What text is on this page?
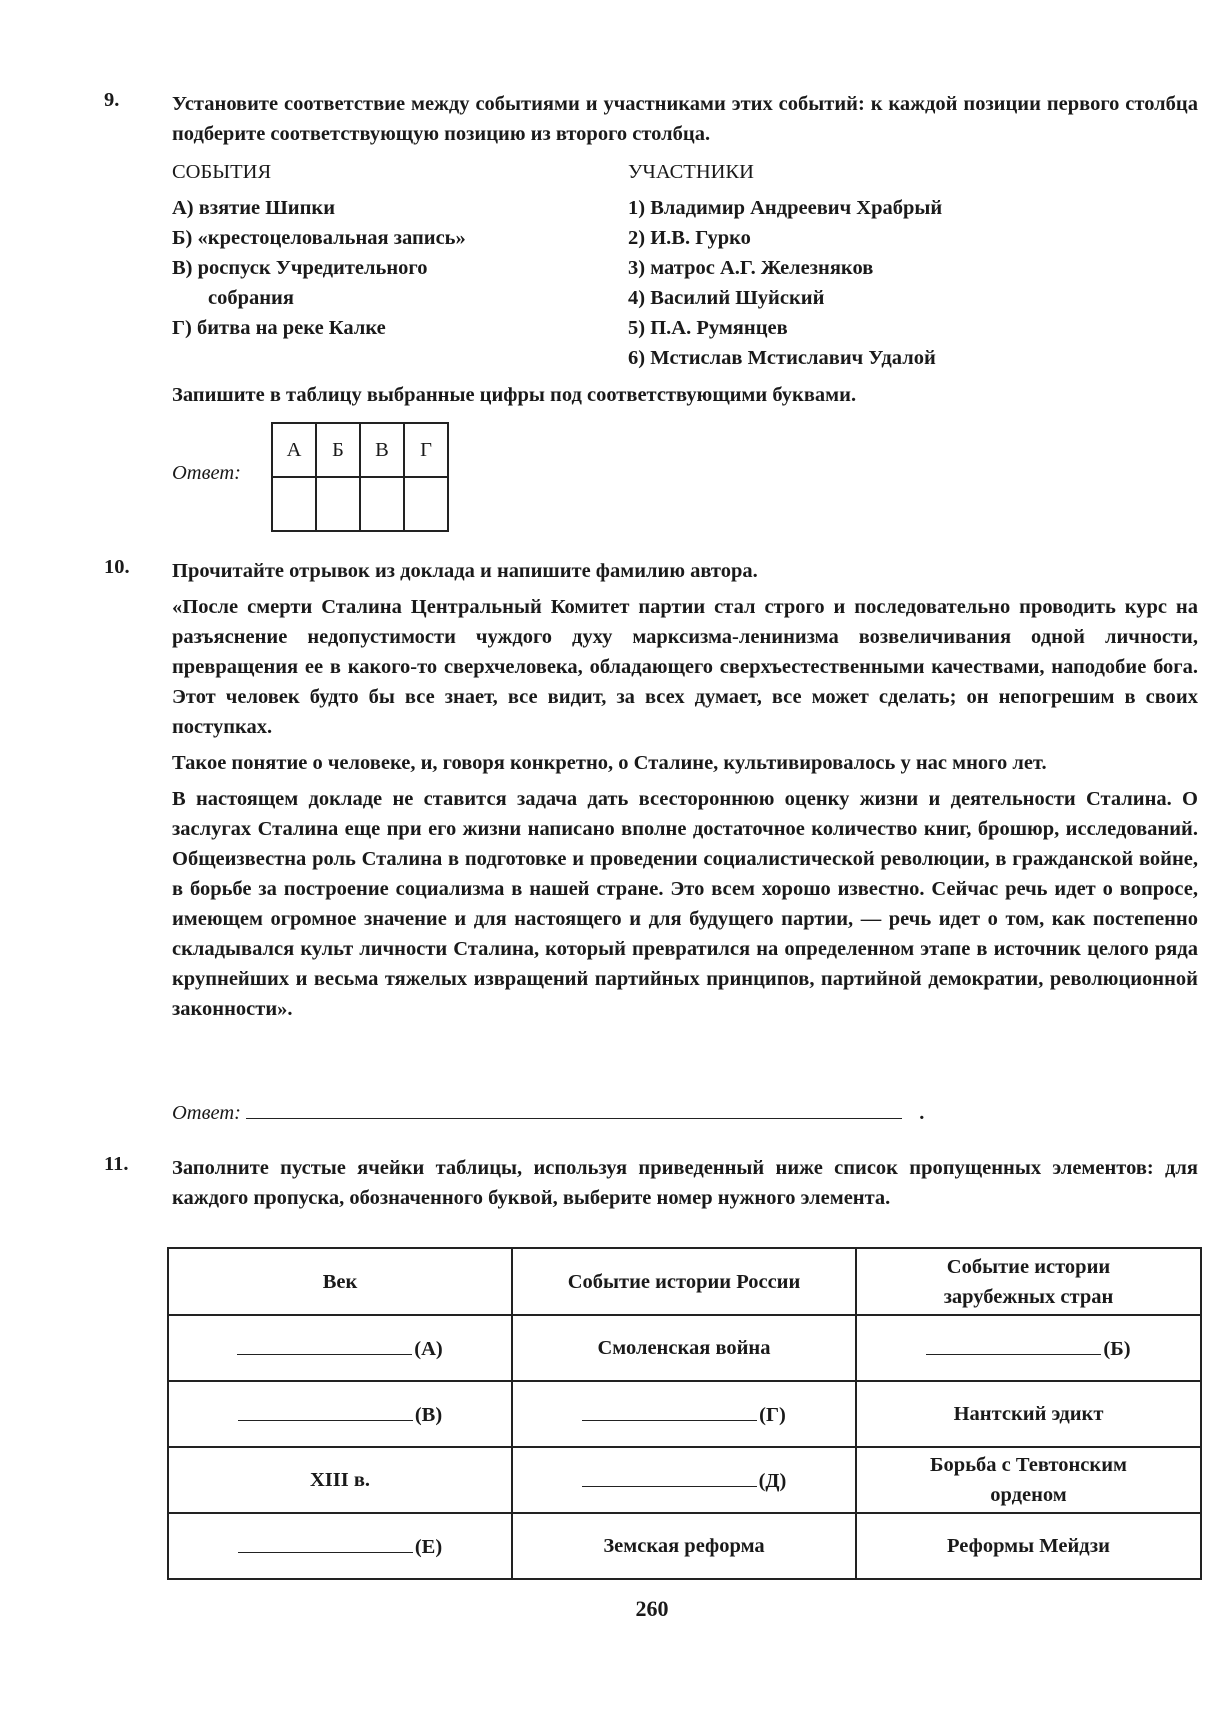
9.	Установите соответствие между событиями и участниками этих событий: к каждой позиции первого столбца подберите соответствующую позицию из второго столбца.
СОБЫТИЯ
А) взятие Шипки
Б) «крестоцеловальная запись»
В) роспуск Учредительного
собрания
Г) битва на реке Калке
УЧАСТНИКИ
1) Владимир Андреевич Храбрый
2) И.В. Гурко
3) матрос А.Г. Железняков
4) Василий Шуйский
5) П.А. Румянцев
6) Мстислав Мстиславич Удалой
Запишите в таблицу выбранные цифры под соответствующими буквами.
Ответ:
А	Б	В	Г

10. Прочитайте отрывок из доклада и напишите фамилию автора.

«После смерти Сталина Центральный Комитет партии стал строго и последовательно проводить курс на разъяснение недопустимости чуждого духу марксизма-ленинизма возвеличивания одной личности, превращения ее в какого-то сверхчеловека, обладающего сверхъестественными качествами, наподобие бога. Этот человек будто бы все знает, все видит, за всех думает, все может сделать; он непогрешим в своих поступках.

Такое понятие о человеке, и, говоря конкретно, о Сталине, культивировалось у нас много лет.

В настоящем докладе не ставится задача дать всестороннюю оценку жизни и деятельности Сталина. О заслугах Сталина еще при его жизни написано вполне достаточное количество книг, брошюр, исследований. Общеизвестна роль Сталина в подготовке и проведении социалистической революции, в гражданской войне, в борьбе за построение социализма в нашей стране. Это всем хорошо известно. Сейчас речь идет о вопросе, имеющем огромное значение и для настоящего и для будущего партии, — речь идет о том, как постепенно складывался культ личности Сталина, который превратился на определенном этапе в источник целого ряда крупнейших и весьма тяжелых извращений партийных принципов, партийной демократии, революционной законности».

Ответ:	.
11. Заполните пустые ячейки таблицы, используя приведенный ниже список пропущенных элементов: для каждого пропуска, обозначенного буквой, выберите номер нужного элемента.
Век	Событие истории России	Событие истории зарубежных стран

(А)	Смоленская война	(Б)
(В)	(Г)	Нантский эдикт
XIII в.	(Д)	Борьба с Тевтонским орденом

(Е)	Земская реформа	Реформы Мейдзи
260
